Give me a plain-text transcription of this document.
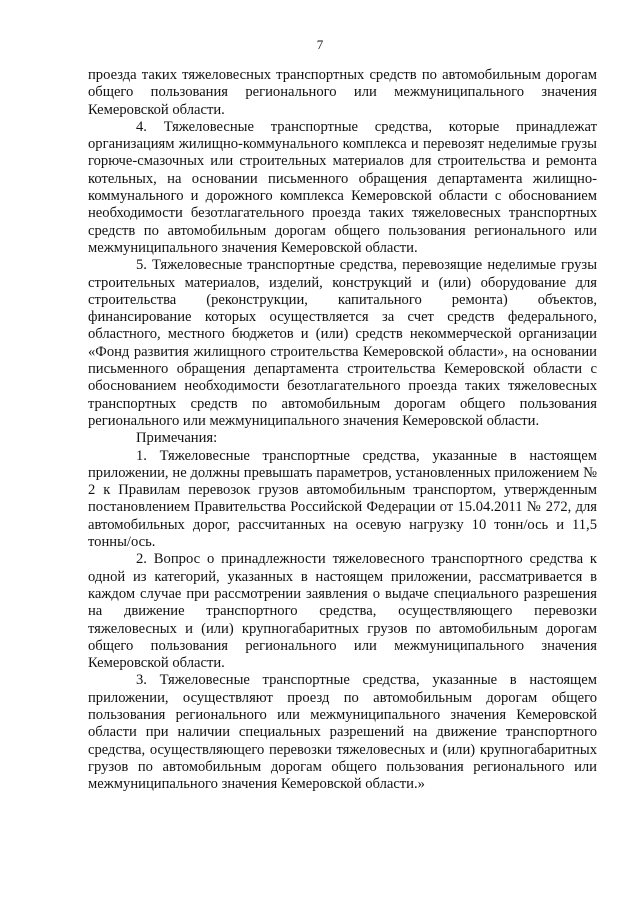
7

проезда таких тяжеловесных транспортных средств по автомобильным дорогам общего пользования регионального или межмуниципального значения Кемеровской области.

4. Тяжеловесные транспортные средства, которые принадлежат организациям жилищно-коммунального комплекса и перевозят неделимые грузы горюче-смазочных или строительных материалов для строительства и ремонта котельных, на основании письменного обращения департамента жилищно-коммунального и дорожного комплекса Кемеровской области с обоснованием необходимости безотлагательного проезда таких тяжеловесных транспортных средств по автомобильным дорогам общего пользования регионального или межмуниципального значения Кемеровской области.

5. Тяжеловесные транспортные средства, перевозящие неделимые грузы строительных материалов, изделий, конструкций и (или) оборудование для строительства (реконструкции, капитального ремонта) объектов, финансирование которых осуществляется за счет средств федерального, областного, местного бюджетов и (или) средств некоммерческой организации «Фонд развития жилищного строительства Кемеровской области», на основании письменного обращения департамента строительства Кемеровской области с обоснованием необходимости безотлагательного проезда таких тяжеловесных транспортных средств по автомобильным дорогам общего пользования регионального или межмуниципального значения Кемеровской области.

Примечания:

1. Тяжеловесные транспортные средства, указанные в настоящем приложении, не должны превышать параметров, установленных приложением № 2 к Правилам перевозок грузов автомобильным транспортом, утвержденным постановлением Правительства Российской Федерации от 15.04.2011 № 272, для автомобильных дорог, рассчитанных на осевую нагрузку 10 тонн/ось и 11,5 тонны/ось.

2. Вопрос о принадлежности тяжеловесного транспортного средства к одной из категорий, указанных в настоящем приложении, рассматривается в каждом случае при рассмотрении заявления о выдаче специального разрешения на движение транспортного средства, осуществляющего перевозки тяжеловесных и (или) крупногабаритных грузов по автомобильным дорогам общего пользования регионального или межмуниципального значения Кемеровской области.

3. Тяжеловесные транспортные средства, указанные в настоящем приложении, осуществляют проезд по автомобильным дорогам общего пользования регионального или межмуниципального значения Кемеровской области при наличии специальных разрешений на движение транспортного средства, осуществляющего перевозки тяжеловесных и (или) крупногабаритных грузов по автомобильным дорогам общего пользования регионального или межмуниципального значения Кемеровской области.»
